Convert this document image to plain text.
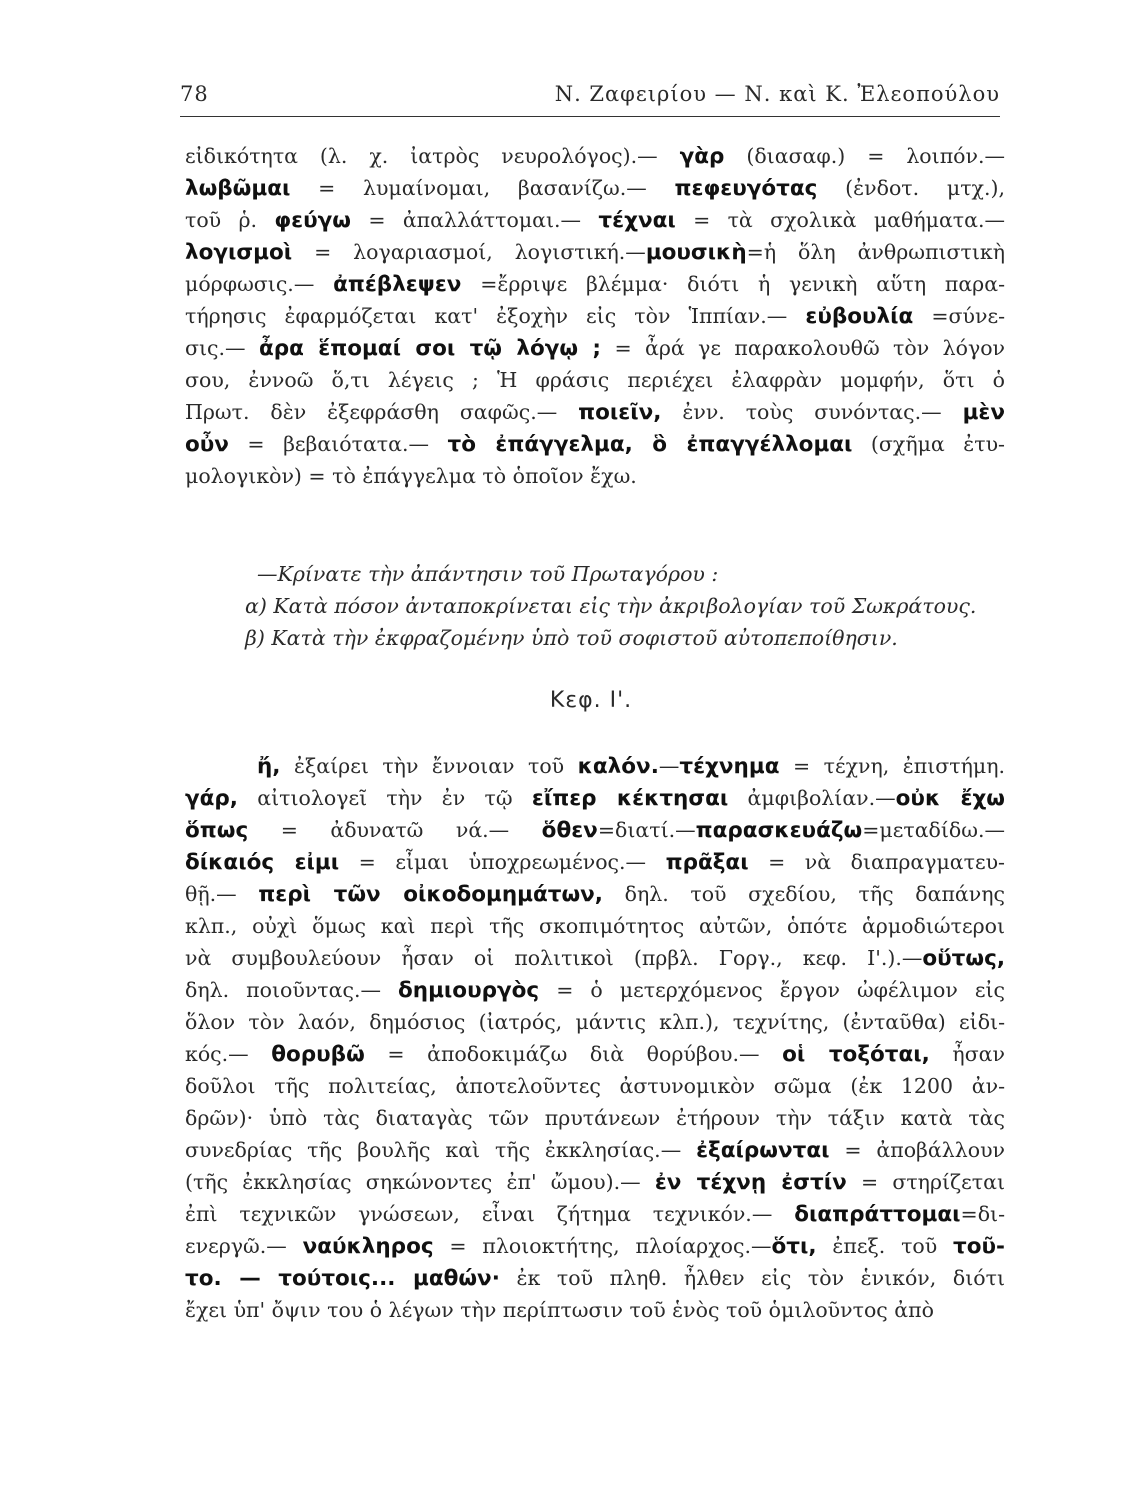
78	Ν. Ζαφειρίου — Ν. καὶ Κ. Ἐλεοπούλου
εἰδικότητα (λ. χ. ἰατρὸς νευρολόγος).— γὰρ (διασαφ.) = λοιπόν.—
λωβῶμαι = λυμαίνομαι, βασανίζω.— πεφευγότας (ἐνδοτ. μτχ.),
τοῦ ῥ. φεύγω = ἀπαλλάττομαι.— τέχναι = τὰ σχολικὰ μαθήματα.—
λογισμοὶ = λογαριασμοί, λογιστική.—μουσικὴ=ἡ ὅλη ἀνθρωπιστικὴ
μόρφωσις.— ἀπέβλεψεν =ἔρριψε βλέμμα· διότι ἡ γενικὴ αὕτη παρα-
τήρησις ἐφαρμόζεται κατ' ἐξοχὴν εἰς τὸν Ἱππίαν.— εὐβουλία =σύνε-
σις.— ἆρα ἕπομαί σοι τῷ λόγῳ ; = ἆρά γε παρακολουθῶ τὸν λόγον
σου, ἐννοῶ ὅ,τι λέγεις ; Ἡ φράσις περιέχει ἐλαφρὰν μομφήν, ὅτι ὁ
Πρωτ. δὲν ἐξεφράσθη σαφῶς.— ποιεῖν, ἐνν. τοὺς συνόντας.— μὲν
οὖν = βεβαιότατα.— τὸ ἐπάγγελμα, ὃ ἐπαγγέλλομαι (σχῆμα ἐτυ-
μολογικὸν) = τὸ ἐπάγγελμα τὸ ὁποῖον ἔχω.
—Κρίνατε τὴν ἀπάντησιν τοῦ Πρωταγόρου :
α) Κατὰ πόσον ἀνταποκρίνεται εἰς τὴν ἀκριβολογίαν τοῦ Σωκράτους.
β) Κατὰ τὴν ἐκφραζομένην ὑπὸ τοῦ σοφιστοῦ αὐτοπεποίθησιν.
Κεφ. Ι'.
ἤ, ἐξαίρει τὴν ἔννοιαν τοῦ καλόν.—τέχνημα = τέχνη, ἐπιστήμη.
γάρ, αἰτιολογεῖ τὴν ἐν τῷ εἴπερ κέκτησαι ἀμφιβολίαν.—οὐκ ἔχω
ὅπως = ἀδυνατῶ νά.— ὅθεν=διατί.—παρασκευάζω=μεταδίδω.—
δίκαιός εἰμι = εἶμαι ὑποχρεωμένος.— πρᾶξαι = νὰ διαπραγματευ-
θῇ.— περὶ τῶν οἰκοδομημάτων, δηλ. τοῦ σχεδίου, τῆς δαπάνης
κλπ., οὐχὶ ὅμως καὶ περὶ τῆς σκοπιμότητος αὐτῶν, ὁπότε ἁρμοδιώτεροι
νὰ συμβουλεύουν ἦσαν οἱ πολιτικοὶ (πρβλ. Γοργ., κεφ. Ι'.).—οὕτως,
δηλ. ποιοῦντας.— δημιουργὸς = ὁ μετερχόμενος ἔργον ὠφέλιμον εἰς
ὅλον τὸν λαόν, δημόσιος (ἰατρός, μάντις κλπ.), τεχνίτης, (ἐνταῦθα) εἰδι-
κός.— θορυβῶ = ἀποδοκιμάζω διὰ θορύβου.— οἱ τοξόται, ἦσαν
δοῦλοι τῆς πολιτείας, ἀποτελοῦντες ἀστυνομικὸν σῶμα (ἐκ 1200 ἀν-
δρῶν)· ὑπὸ τὰς διαταγὰς τῶν πρυτάνεων ἐτήρουν τὴν τάξιν κατὰ τὰς
συνεδρίας τῆς βουλῆς καὶ τῆς ἐκκλησίας.— ἐξαίρωνται = ἀποβάλλουν
(τῆς ἐκκλησίας σηκώνοντες ἐπ' ὤμου).— ἐν τέχνῃ ἐστίν = στηρίζεται
ἐπὶ τεχνικῶν γνώσεων, εἶναι ζήτημα τεχνικόν.— διαπράττομαι=δι-
ενεργῶ.— ναύκληρος = πλοιοκτήτης, πλοίαρχος.—ὅτι, ἐπεξ. τοῦ τοῦ-
το. — τούτοις... μαθών· ἐκ τοῦ πληθ. ἦλθεν εἰς τὸν ἑνικόν, διότι
ἔχει ὑπ' ὄψιν του ὁ λέγων τὴν περίπτωσιν τοῦ ἑνὸς τοῦ ὁμιλοῦντος ἀπὸ
